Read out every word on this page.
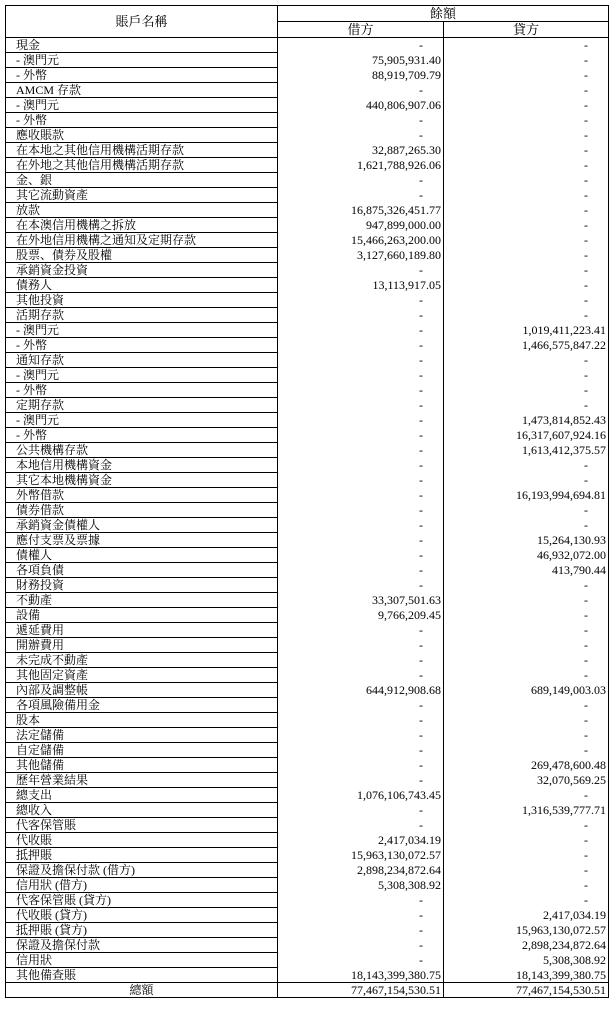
賬戶名稱	餘額	
	借方	貸方
現金	-	-
- 澳門元	75,905,931.40	-
- 外幣	88,919,709.79	-
AMCM 存款	-	-
- 澳門元	440,806,907.06	-
- 外幣	-	-
應收賬款	-	-
在本地之其他信用機構活期存款	32,887,265.30	-
在外地之其他信用機構活期存款	1,621,788,926.06	-
金、銀	-	-
其它流動資產	-	-
放款	16,875,326,451.77	-
在本澳信用機構之拆放	947,899,000.00	-
在外地信用機構之通知及定期存款	15,466,263,200.00	-
股票、債券及股權	3,127,660,189.80	-
承銷資金投資	-	-
債務人	13,113,917.05	-
其他投資	-	-
活期存款	-	-
- 澳門元	-	1,019,411,223.41
- 外幣	-	1,466,575,847.22
通知存款	-	-
- 澳門元	-	-
- 外幣	-	-
定期存款	-	-
- 澳門元	-	1,473,814,852.43
- 外幣	-	16,317,607,924.16
公共機構存款	-	1,613,412,375.57
本地信用機構資金	-	-
其它本地機構資金	-	-
外幣借款	-	16,193,994,694.81
債券借款	-	-
承銷資金債權人	-	-
應付支票及票據	-	15,264,130.93
債權人	-	46,932,072.00
各項負債	-	413,790.44
財務投資	-	-
不動產	33,307,501.63	-
設備	9,766,209.45	-
遞延費用	-	-
開辦費用	-	-
未完成不動產	-	-
其他固定資產	-	-
內部及調整帳	644,912,908.68	689,149,003.03
各項風險備用金	-	-
股本	-	-
法定儲備	-	-
自定儲備	-	-
其他儲備	-	269,478,600.48
歷年營業結果	-	32,070,569.25
總支出	1,076,106,743.45	-
總收入	-	1,316,539,777.71
代客保管賬	-	-
代收賬	2,417,034.19	-
抵押賬	15,963,130,072.57	-
保證及擔保付款 (借方)	2,898,234,872.64	-
信用狀 (借方)	5,308,308.92	-
代客保管賬 (貸方)	-	-
代收賬 (貸方)	-	2,417,034.19
抵押賬 (貸方)	-	15,963,130,072.57
保證及擔保付款	-	2,898,234,872.64
信用狀	-	5,308,308.92
其他備查賬	18,143,399,380.75	18,143,399,380.75
總額	77,467,154,530.51	77,467,154,530.51
